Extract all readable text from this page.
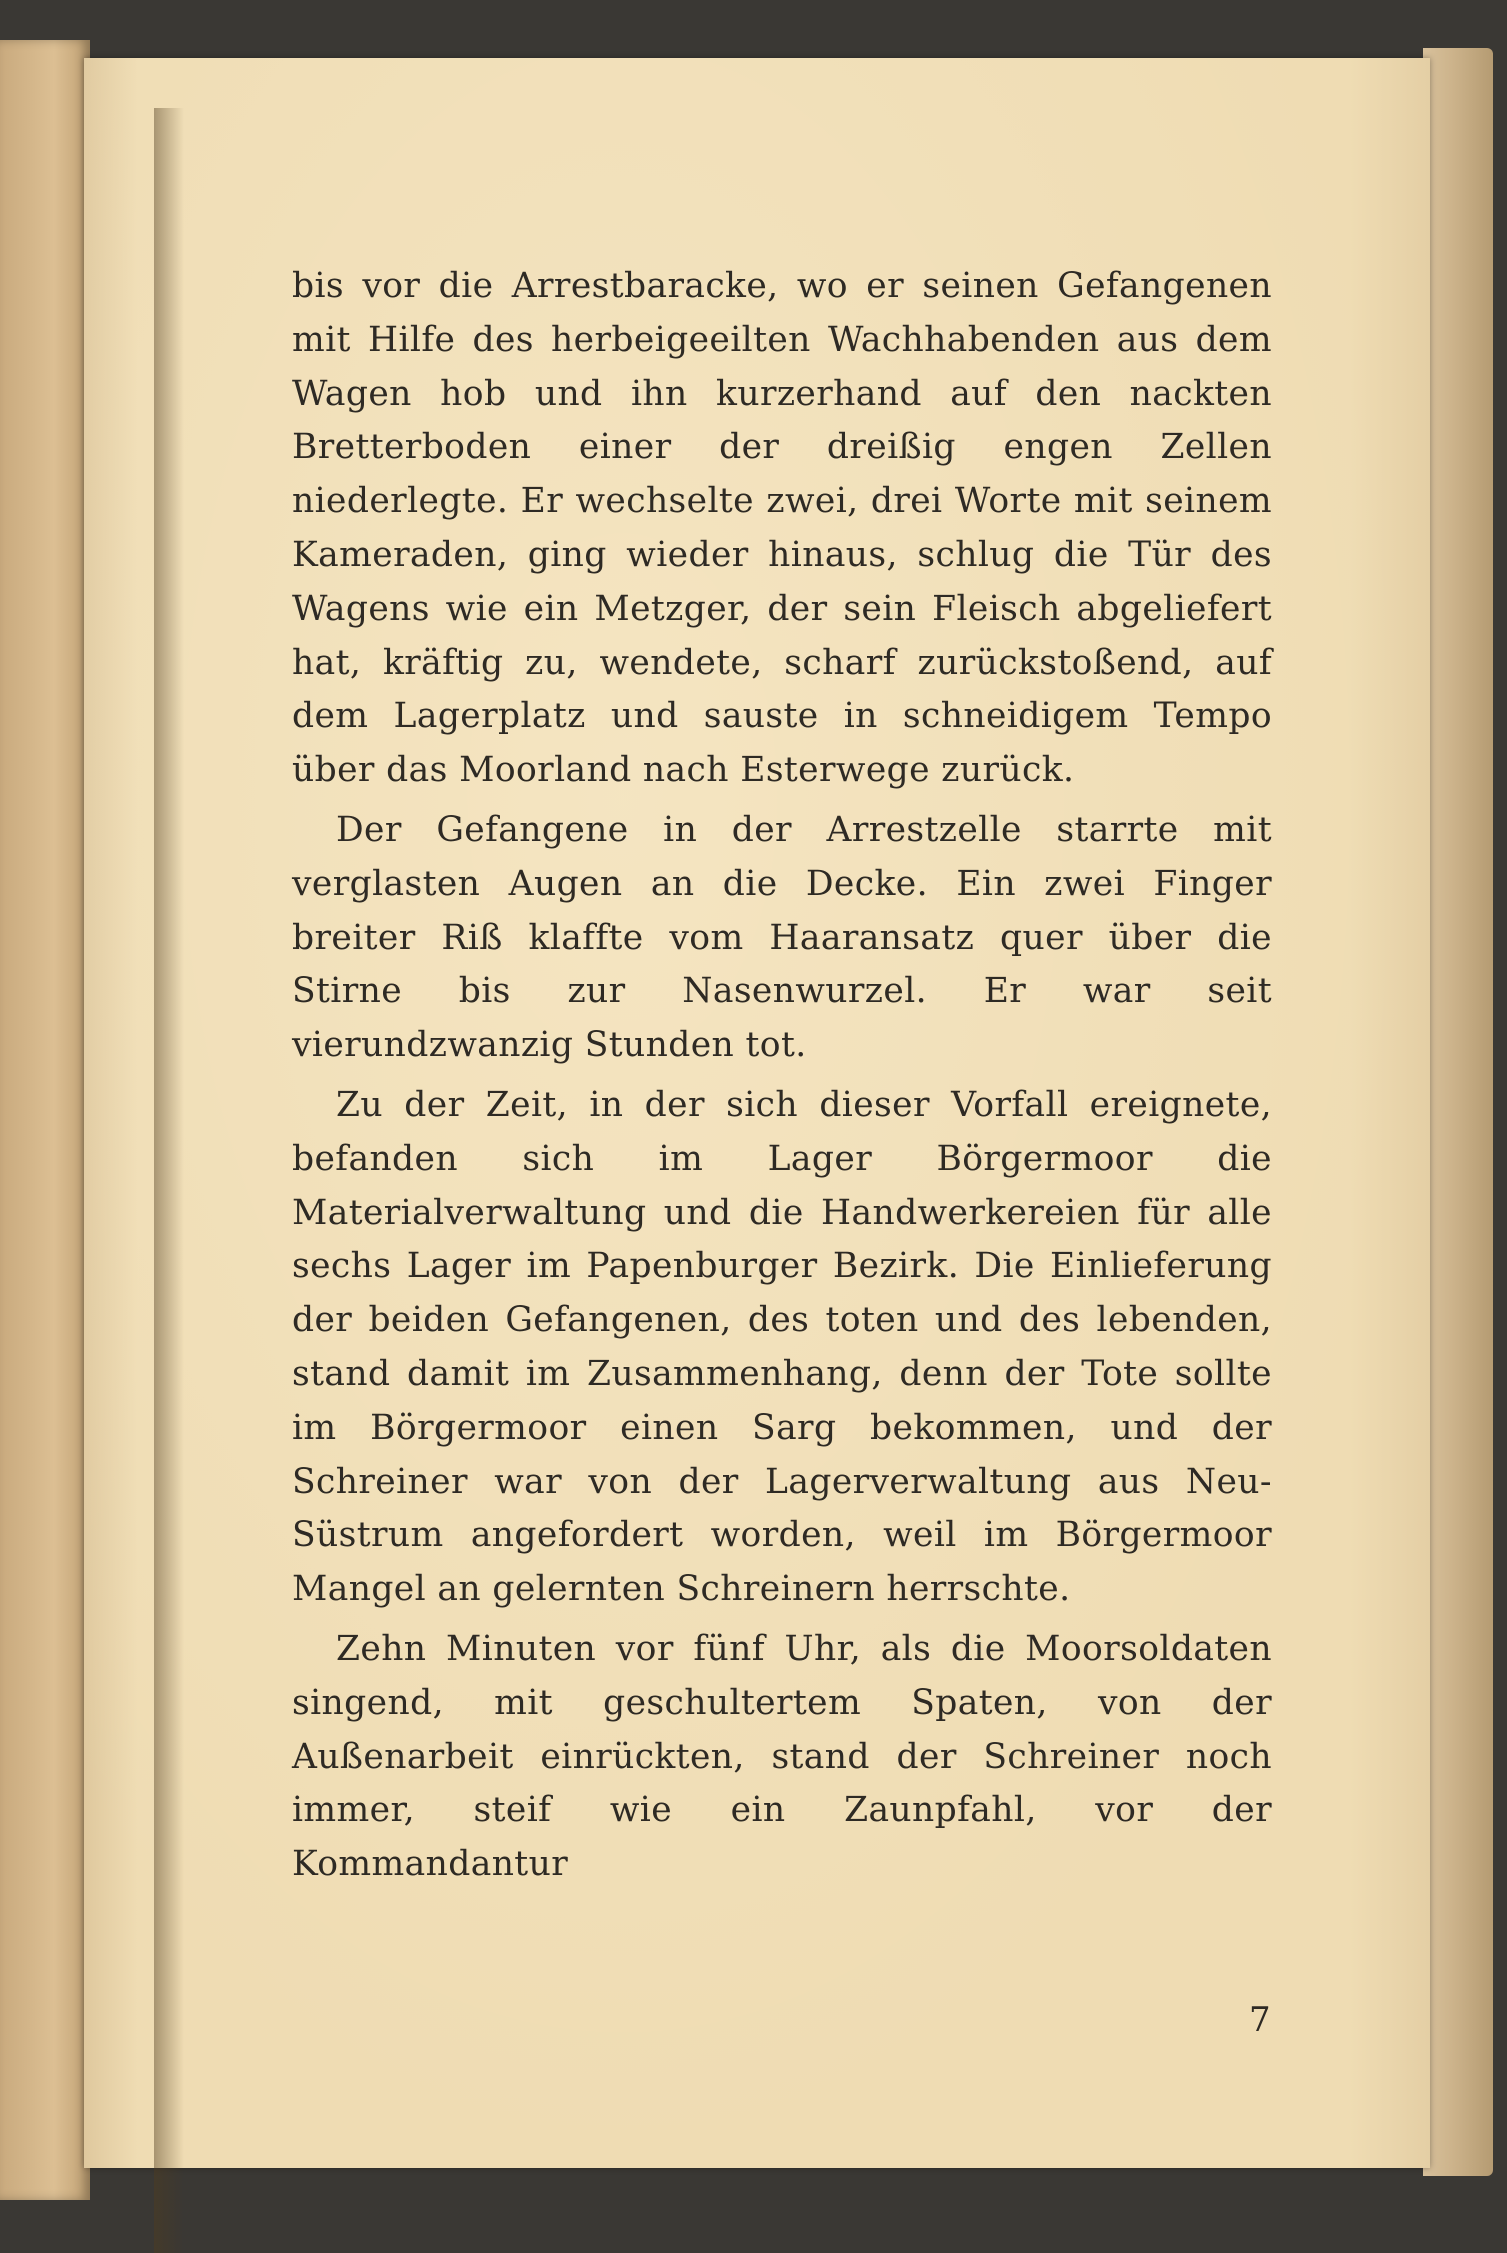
bis vor die Arrestbaracke, wo er seinen Gefangenen mit Hilfe des herbeigeeilten Wachhabenden aus dem Wagen hob und ihn kurzerhand auf den nackten Bretterboden einer der dreißig engen Zellen niederlegte. Er wechselte zwei, drei Worte mit seinem Kameraden, ging wieder hinaus, schlug die Tür des Wagens wie ein Metzger, der sein Fleisch abgeliefert hat, kräftig zu, wendete, scharf zurückstoßend, auf dem Lagerplatz und sauste in schneidigem Tempo über das Moorland nach Esterwege zurück.

Der Gefangene in der Arrestzelle starrte mit verglasten Augen an die Decke. Ein zwei Finger breiter Riß klaffte vom Haaransatz quer über die Stirne bis zur Nasenwurzel. Er war seit vierundzwanzig Stunden tot.

Zu der Zeit, in der sich dieser Vorfall ereignete, befanden sich im Lager Börgermoor die Materialverwaltung und die Handwerkereien für alle sechs Lager im Papenburger Bezirk. Die Einlieferung der beiden Gefangenen, des toten und des lebenden, stand damit im Zusammenhang, denn der Tote sollte im Börgermoor einen Sarg bekommen, und der Schreiner war von der Lagerverwaltung aus Neu-Süstrum angefordert worden, weil im Börgermoor Mangel an gelernten Schreinern herrschte.

Zehn Minuten vor fünf Uhr, als die Moorsoldaten singend, mit geschultertem Spaten, von der Außenarbeit einrückten, stand der Schreiner noch immer, steif wie ein Zaunpfahl, vor der Kommandantur

7
